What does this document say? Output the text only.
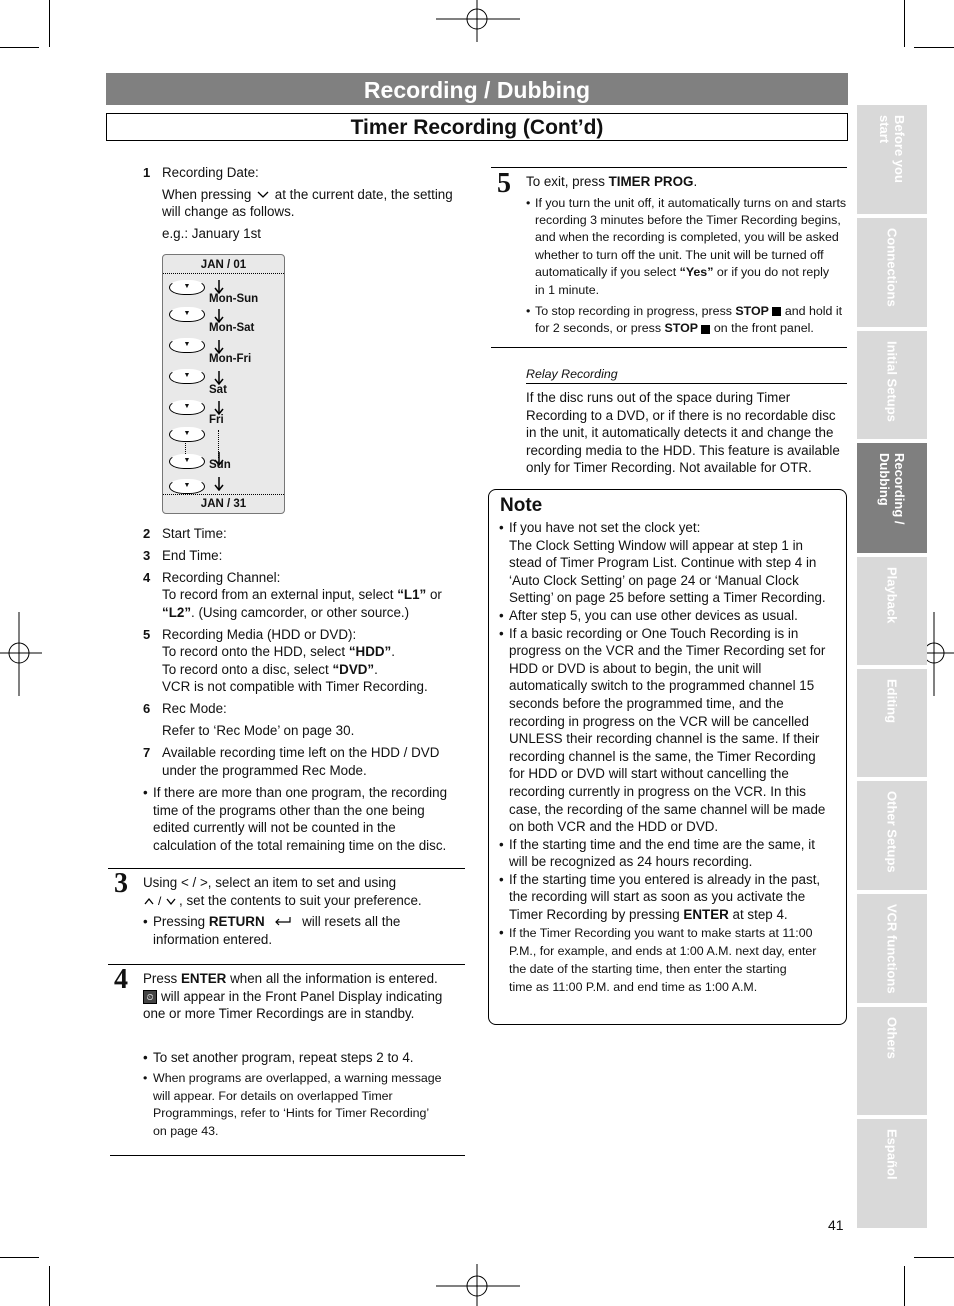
Recording / Dubbing
Timer Recording (Cont’d)	Before you
start
Connections
Initial Setups
Recording /
Dubbing
Playback
Editing
Other Setups
VCR functions
Others
Español
1 Recording Date:
When pressing at the current date, the setting
will change as follows.
e.g.: January 1st
JAN / 01
▼
▼
▼
▼
▼
▼
▼
▼
Mon-Sun
Mon-Sat
Mon-Fri
Sat
Fri
Sun
JAN / 31
2 Start Time:
3 End Time:
4 Recording Channel:
To record from an external input, select “L1” or
“L2”. (Using camcorder, or other source.)
5 Recording Media (HDD or DVD):
To record onto the HDD, select “HDD”.
To record onto a disc, select “DVD”.
VCR is not compatible with Timer Recording.
6 Rec Mode:
Refer to ‘Rec Mode’ on page 30.
7 Available recording time left on the HDD / DVD
under the programmed Rec Mode.
• If there are more than one program, the recording
time of the programs other than the one being
edited currently will not be counted in the
calculation of the total remaining time on the disc.
3 Using < / >, select an item to set and using
/ , set the contents to suit your preference.
• Pressing RETURN	will resets all the
information entered.
4 Press ENTER when all the information is entered.
⏲ will appear in the Front Panel Display indicating
one or more Timer Recordings are in standby.
• To set another program, repeat steps 2 to 4.
• When programs are overlapped, a warning message
will appear. For details on overlapped Timer
Programmings, refer to ‘Hints for Timer Recording’
on page 43.
5 To exit, press TIMER PROG.
• If you turn the unit off, it automatically turns on and starts
recording 3 minutes before the Timer Recording begins,
and when the recording is completed, you will be asked
whether to turn off the unit. The unit will be turned off
automatically if you select “Yes” or if you do not reply
in 1 minute.
• To stop recording in progress, press STOP and hold it
for 2 seconds, or press STOP on the front panel.
Relay Recording
If the disc runs out of the space during Timer
Recording to a DVD, or if there is no recordable disc
in the unit, it automatically detects it and change the
recording media to the HDD. This feature is available
only for Timer Recording. Not available for OTR.
Note
• If you have not set the clock yet:
The Clock Setting Window will appear at step 1 in
stead of Timer Program List. Continue with step 4 in
‘Auto Clock Setting’ on page 24 or ‘Manual Clock
Setting’ on page 25 before setting a Timer Recording.
• After step 5, you can use other devices as usual.
• If a basic recording or One Touch Recording is in
progress on the VCR and the Timer Recording set for
HDD or DVD is about to begin, the unit will
automatically switch to the programmed channel 15
seconds before the programmed time, and the
recording in progress on the VCR will be cancelled
UNLESS their recording channel is the same. If their
recording channel is the same, the Timer Recording
for HDD or DVD will start without cancelling the
recording currently in progress on the VCR. In this
case, the recording of the same channel will be made
on both VCR and the HDD or DVD.
• If the starting time and the end time are the same, it
will be recognized as 24 hours recording.
• If the starting time you entered is already in the past,
the recording will start as soon as you activate the
Timer Recording by pressing ENTER at step 4.
• If the Timer Recording you want to make starts at 11:00
P.M., for example, and ends at 1:00 A.M. next day, enter
the date of the starting time, then enter the starting
time as 11:00 P.M. and end time as 1:00 A.M.
41
